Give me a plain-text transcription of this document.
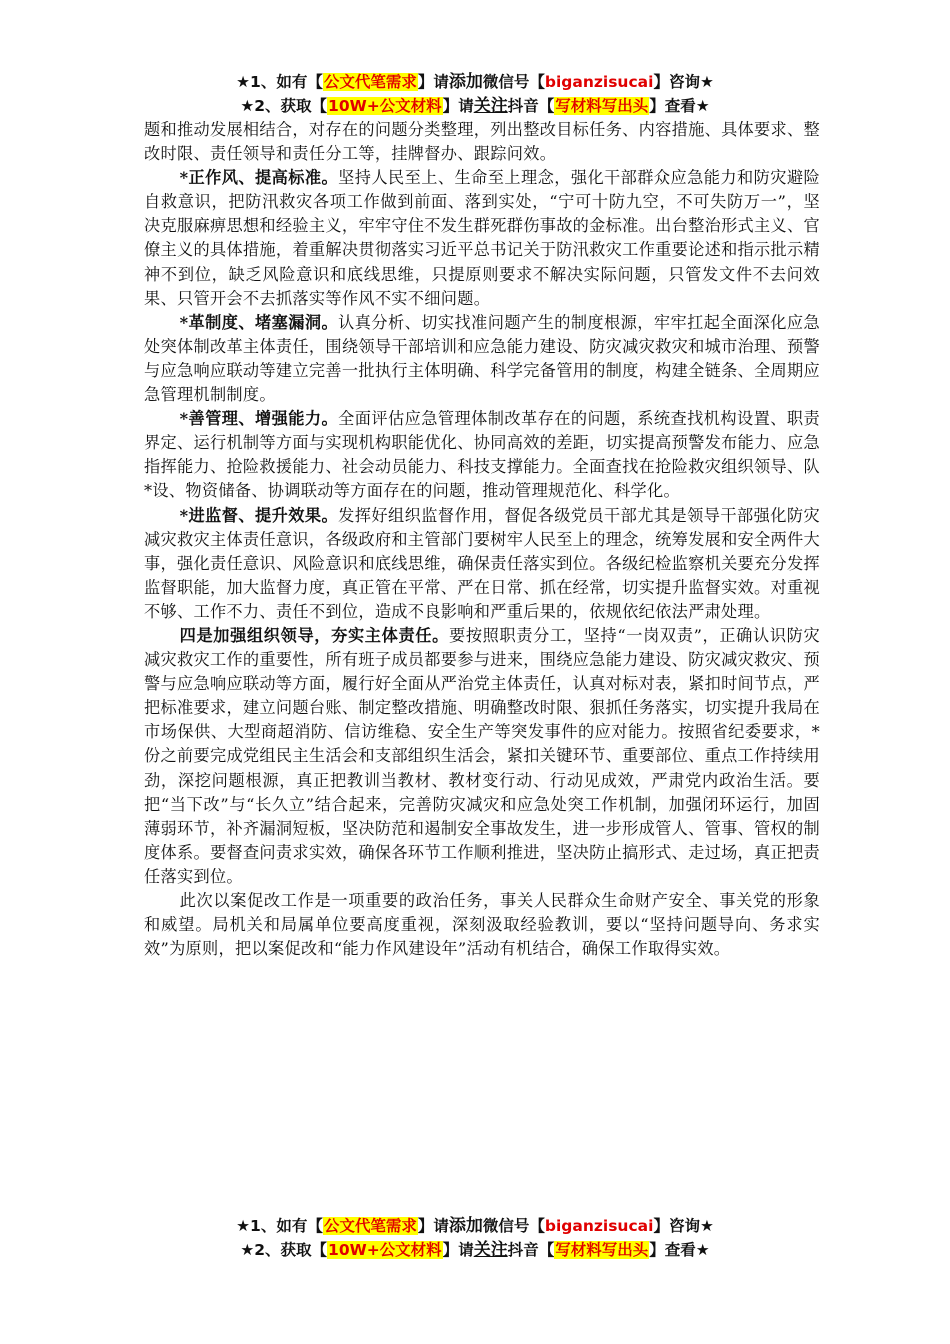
★1、如有【公文代笔需求】请添加微信号【biganzisucai】咨询★
★2、获取【10W+公文材料】请关注抖音【写材料写出头】查看★

题和推动发展相结合，对存在的问题分类整理，列出整改目标任务、内容措施、具体要求、整改时限、责任领导和责任分工等，挂牌督办、跟踪问效。

*正作风、提高标准。坚持人民至上、生命至上理念，强化干部群众应急能力和防灾避险自救意识，把防汛救灾各项工作做到前面、落到实处，“宁可十防九空，不可失防万一”，坚决克服麻痹思想和经验主义，牢牢守住不发生群死群伤事故的金标准。出台整治形式主义、官僚主义的具体措施，着重解决贯彻落实习近平总书记关于防汛救灾工作重要论述和指示批示精神不到位，缺乏风险意识和底线思维，只提原则要求不解决实际问题，只管发文件不去问效果、只管开会不去抓落实等作风不实不细问题。

*革制度、堵塞漏洞。认真分析、切实找准问题产生的制度根源，牢牢扛起全面深化应急处突体制改革主体责任，围绕领导干部培训和应急能力建设、防灾减灾救灾和城市治理、预警与应急响应联动等建立完善一批执行主体明确、科学完备管用的制度，构建全链条、全周期应急管理机制制度。

*善管理、增强能力。全面评估应急管理体制改革存在的问题，系统查找机构设置、职责界定、运行机制等方面与实现机构职能优化、协同高效的差距，切实提高预警发布能力、应急指挥能力、抢险救援能力、社会动员能力、科技支撑能力。全面查找在抢险救灾组织领导、队*设、物资储备、协调联动等方面存在的问题，推动管理规范化、科学化。

*进监督、提升效果。发挥好组织监督作用，督促各级党员干部尤其是领导干部强化防灾减灾救灾主体责任意识，各级政府和主管部门要树牢人民至上的理念，统筹发展和安全两件大事，强化责任意识、风险意识和底线思维，确保责任落实到位。各级纪检监察机关要充分发挥监督职能，加大监督力度，真正管在平常、严在日常、抓在经常，切实提升监督实效。对重视不够、工作不力、责任不到位，造成不良影响和严重后果的，依规依纪依法严肃处理。

四是加强组织领导，夯实主体责任。要按照职责分工，坚持“一岗双责”，正确认识防灾减灾救灾工作的重要性，所有班子成员都要参与进来，围绕应急能力建设、防灾减灾救灾、预警与应急响应联动等方面，履行好全面从严治党主体责任，认真对标对表，紧扣时间节点，严把标准要求，建立问题台账、制定整改措施、明确整改时限、狠抓任务落实，切实提升我局在市场保供、大型商超消防、信访维稳、安全生产等突发事件的应对能力。按照省纪委要求，*份之前要完成党组民主生活会和支部组织生活会，紧扣关键环节、重要部位、重点工作持续用劲，深挖问题根源，真正把教训当教材、教材变行动、行动见成效，严肃党内政治生活。要把“当下改”与“长久立”结合起来，完善防灾减灾和应急处突工作机制，加强闭环运行，加固薄弱环节，补齐漏洞短板，坚决防范和遏制安全事故发生，进一步形成管人、管事、管权的制度体系。要督查问责求实效，确保各环节工作顺利推进，坚决防止搞形式、走过场，真正把责任落实到位。

此次以案促改工作是一项重要的政治任务，事关人民群众生命财产安全、事关党的形象和威望。局机关和局属单位要高度重视，深刻汲取经验教训，要以“坚持问题导向、务求实效”为原则，把以案促改和“能力作风建设年”活动有机结合，确保工作取得实效。

★1、如有【公文代笔需求】请添加微信号【biganzisucai】咨询★
★2、获取【10W+公文材料】请关注抖音【写材料写出头】查看★
